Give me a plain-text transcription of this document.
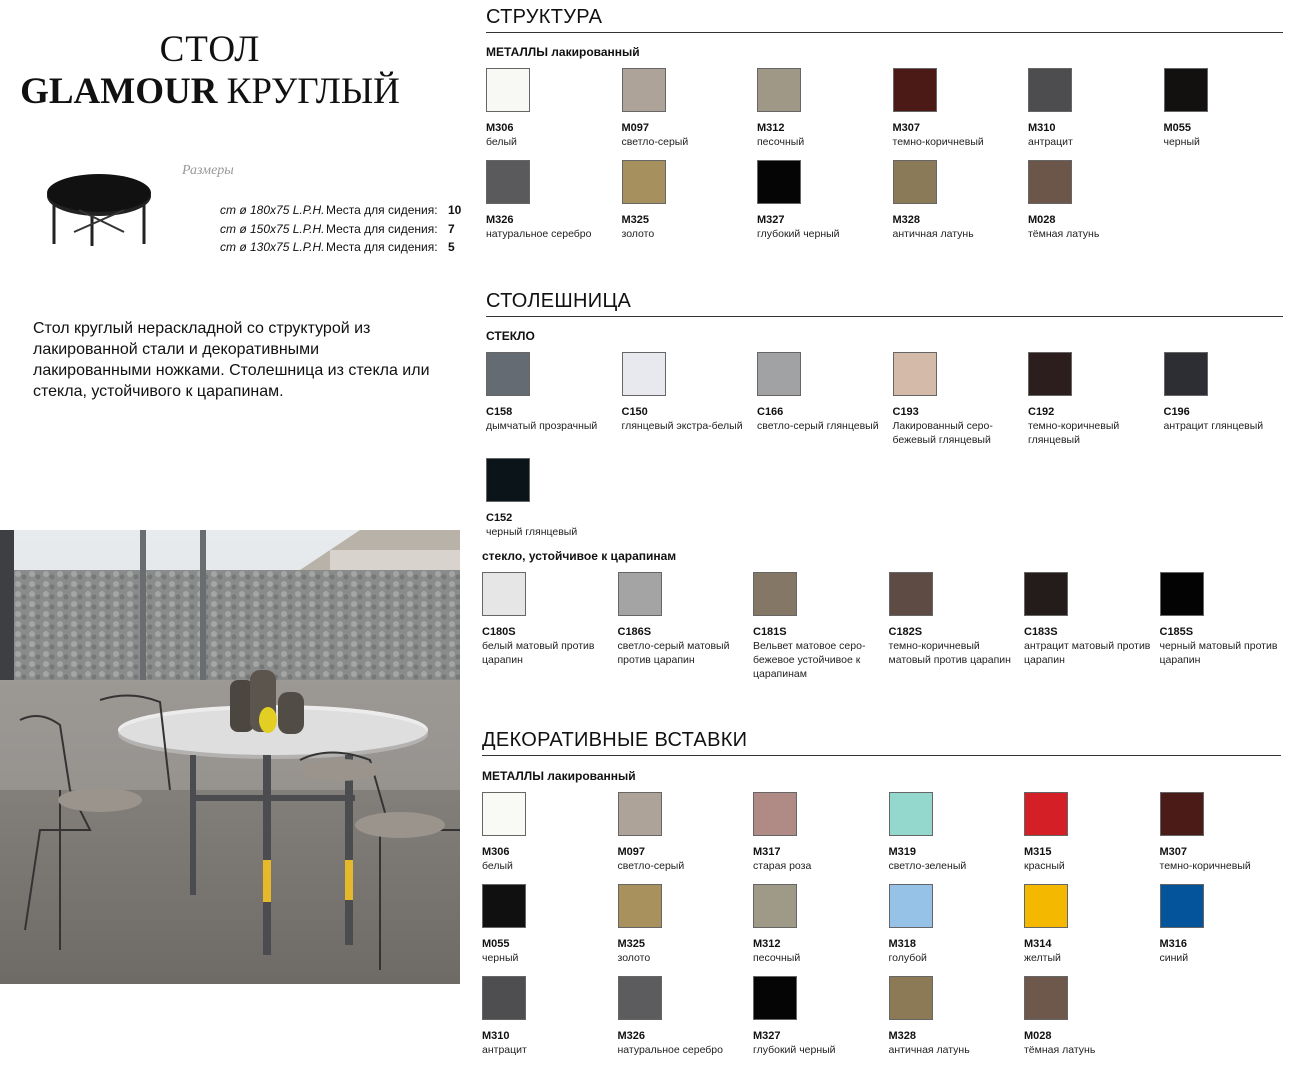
СТОЛ
GLAMOUR КРУГЛЫЙ
Размеры
cm ø 180x75 L.P.H. Места для сидения: 10
cm ø 150x75 L.P.H. Места для сидения: 7
cm ø 130x75 L.P.H. Места для сидения: 5
Стол круглый нераскладной со структурой из лакированной стали и декоративными лакированными ножками. Столешница из стекла или стекла, устойчивого к царапинам.
СТРУКТУРА
МЕТАЛЛЫ лакированный
M306
белый
M097
светло-серый
M312
песочный
M307
темно-коричневый
M310
антрацит
M055
черный
M326
натуральное серебро
M325
золото
M327
глубокий черный
M328
античная латунь
M028
тёмная латунь
СТОЛЕШНИЦА
СТЕКЛО
C158
дымчатый прозрачный
C150
глянцевый экстра-белый
C166
светло-серый глянцевый
C193
Лакированный серо-бежевый глянцевый
C192
темно-коричневый глянцевый
C196
антрацит глянцевый
C152
черный глянцевый
стекло, устойчивое к царапинам
C180S
белый матовый против царапин
C186S
светло-серый матовый против царапин
C181S
Вельвет матовое серо-бежевое устойчивое к царапинам
C182S
темно-коричневый матовый против царапин
C183S
антрацит матовый против царапин
C185S
черный матовый против царапин
ДЕКОРАТИВНЫЕ ВСТАВКИ
МЕТАЛЛЫ лакированный
M306
белый
M097
светло-серый
M317
старая роза
M319
светло-зеленый
M315
красный
M307
темно-коричневый
M055
черный
M325
золото
M312
песочный
M318
голубой
M314
желтый
M316
синий
M310
антрацит
M326
натуральное серебро
M327
глубокий черный
M328
античная латунь
M028
тёмная латунь
